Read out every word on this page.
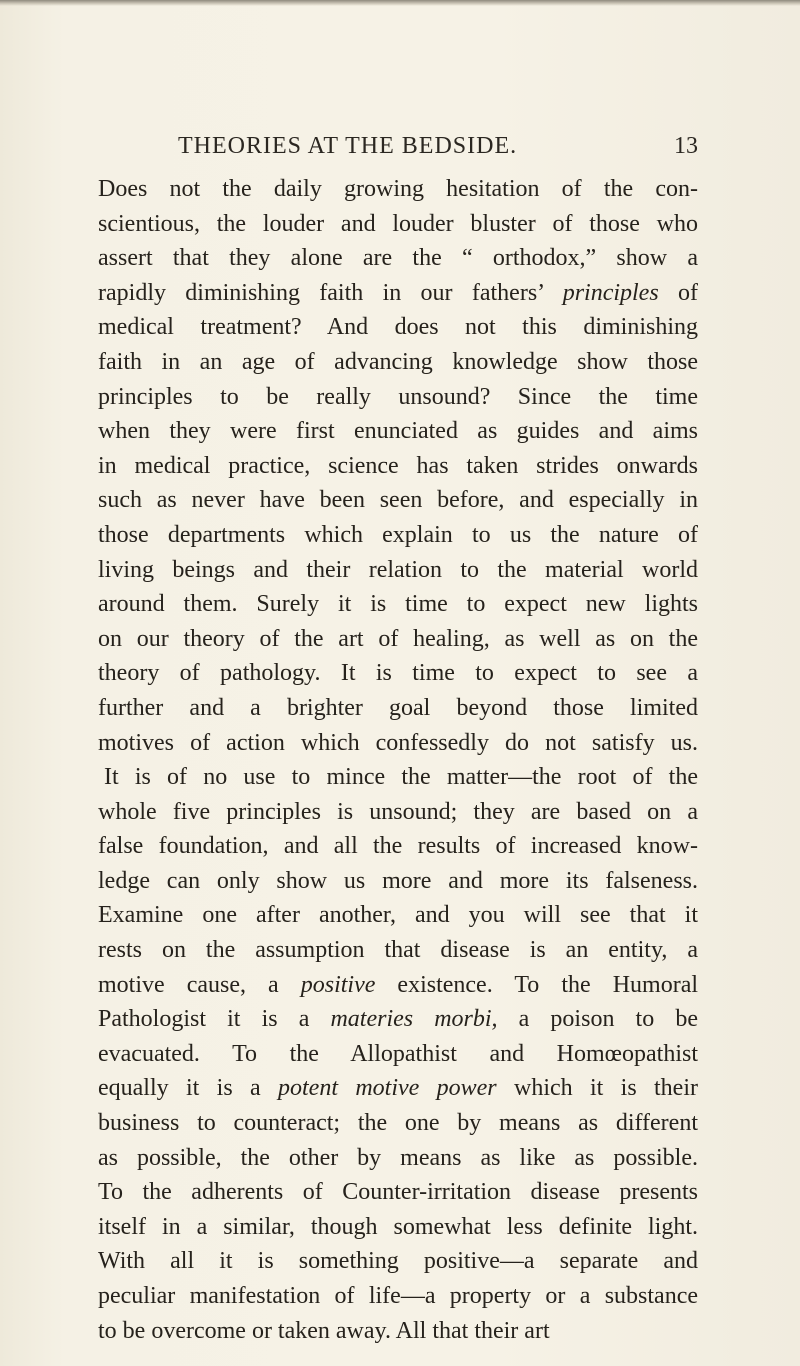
THEORIES AT THE BEDSIDE.	13
Does not the daily growing hesitation of the con-
scientious, the louder and louder bluster of those who
assert that they alone are the “ orthodox,” show a
rapidly diminishing faith in our fathers’ principles of
medical treatment? And does not this diminishing
faith in an age of advancing knowledge show those
principles to be really unsound? Since the time
when they were first enunciated as guides and aims
in medical practice, science has taken strides onwards
such as never have been seen before, and especially in
those departments which explain to us the nature of
living beings and their relation to the material world
around them. Surely it is time to expect new lights
on our theory of the art of healing, as well as on the
theory of pathology. It is time to expect to see a
further and a brighter goal beyond those limited
motives of action which confessedly do not satisfy us.
It is of no use to mince the matter—the root of the
whole five principles is unsound; they are based on a
false foundation, and all the results of increased know-
ledge can only show us more and more its falseness.
Examine one after another, and you will see that it
rests on the assumption that disease is an entity, a
motive cause, a positive existence. To the Humoral
Pathologist it is a materies morbi, a poison to be
evacuated. To the Allopathist and Homœopathist
equally it is a potent motive power which it is their
business to counteract; the one by means as different
as possible, the other by means as like as possible.
To the adherents of Counter-irritation disease presents
itself in a similar, though somewhat less definite light.
With all it is something positive—a separate and
peculiar manifestation of life—a property or a substance
to be overcome or taken away. All that their art
